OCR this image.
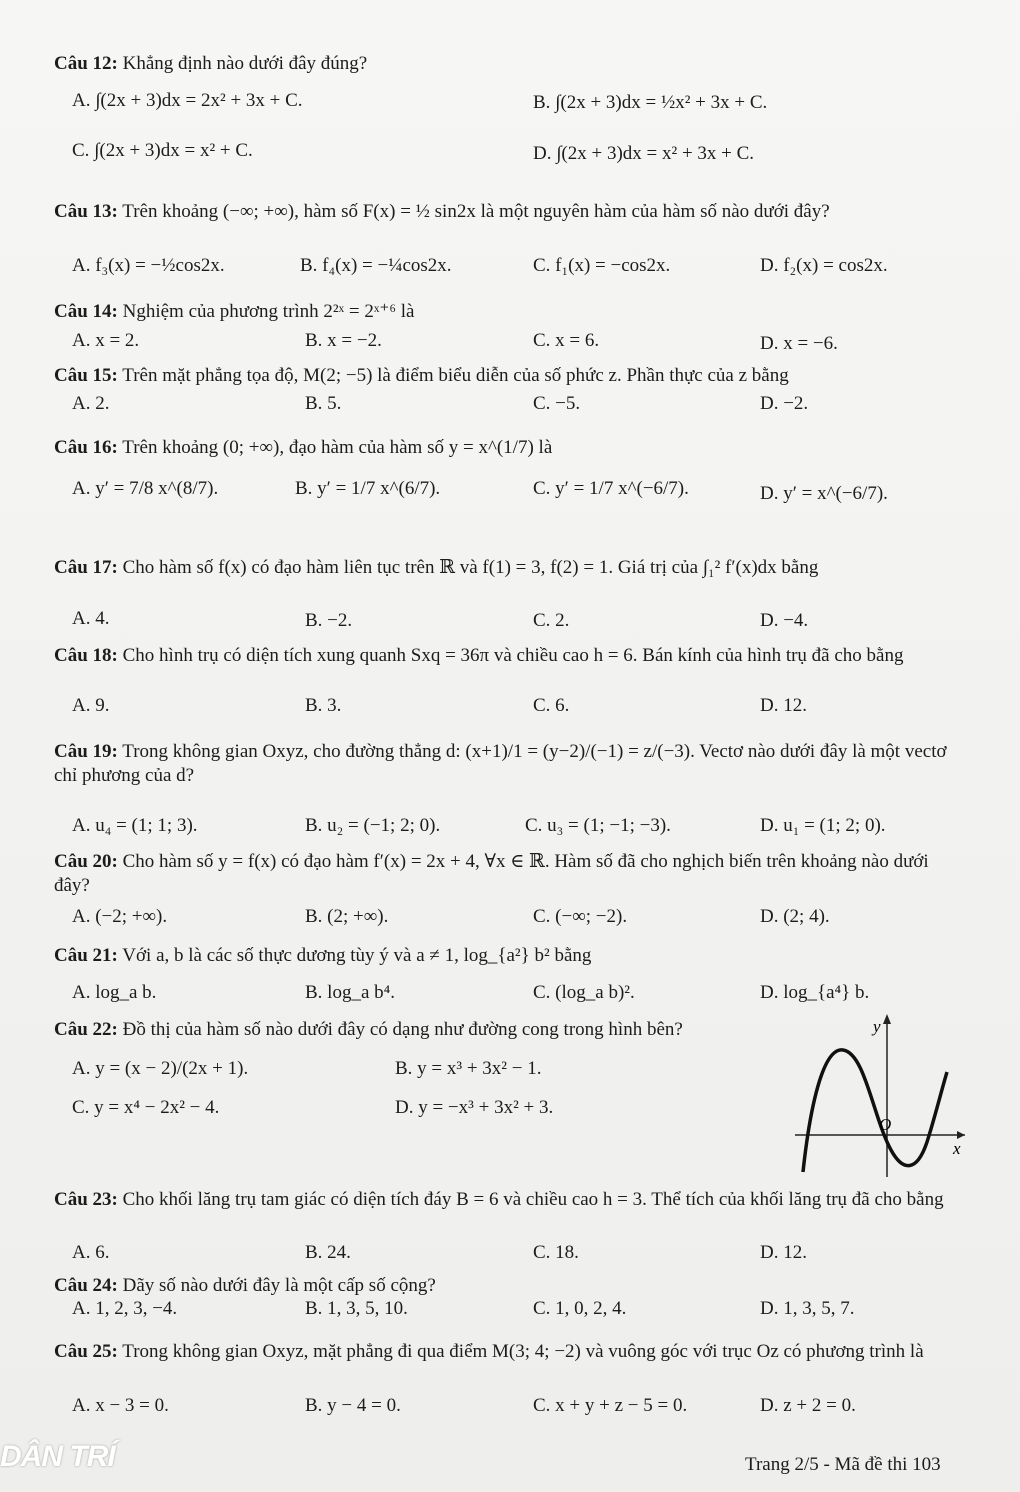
Câu 12: Khẳng định nào dưới đây đúng?
A. ∫(2x + 3)dx = 2x² + 3x + C.	B. ∫(2x + 3)dx = ½x² + 3x + C.
C. ∫(2x + 3)dx = x² + C.	D. ∫(2x + 3)dx = x² + 3x + C.
Câu 13: Trên khoảng (−∞; +∞), hàm số F(x) = ½ sin2x là một nguyên hàm của hàm số nào dưới đây?
A. f₃(x) = −½cos2x.	B. f₄(x) = −¼cos2x.	C. f₁(x) = −cos2x.	D. f₂(x) = cos2x.
Câu 14: Nghiệm của phương trình 2²ˣ = 2ˣ⁺⁶ là
A. x = 2.	B. x = −2.	C. x = 6.	D. x = −6.
Câu 15: Trên mặt phẳng tọa độ, M(2; −5) là điểm biểu diễn của số phức z. Phần thực của z bằng
A. 2.	B. 5.	C. −5.	D. −2.
Câu 16: Trên khoảng (0; +∞), đạo hàm của hàm số y = x^(1/7) là
A. y′ = 7/8 x^(8/7).	B. y′ = 1/7 x^(6/7).	C. y′ = 1/7 x^(−6/7).	D. y′ = x^(−6/7).
Câu 17: Cho hàm số f(x) có đạo hàm liên tục trên ℝ và f(1) = 3, f(2) = 1. Giá trị của ∫₁² f′(x)dx bằng
A. 4.	B. −2.	C. 2.	D. −4.
Câu 18: Cho hình trụ có diện tích xung quanh Sxq = 36π và chiều cao h = 6. Bán kính của hình trụ đã cho bằng
A. 9.	B. 3.	C. 6.	D. 12.
Câu 19: Trong không gian Oxyz, cho đường thẳng d: (x+1)/1 = (y−2)/(−1) = z/(−3). Vectơ nào dưới đây là một vectơ chỉ phương của d?
A. u₄ = (1; 1; 3).	B. u₂ = (−1; 2; 0).	C. u₃ = (1; −1; −3).	D. u₁ = (1; 2; 0).
Câu 20: Cho hàm số y = f(x) có đạo hàm f′(x) = 2x + 4, ∀x ∈ ℝ. Hàm số đã cho nghịch biến trên khoảng nào dưới đây?
A. (−2; +∞).	B. (2; +∞).	C. (−∞; −2).	D. (2; 4).
Câu 21: Với a, b là các số thực dương tùy ý và a ≠ 1, log_{a²} b² bằng
A. log_a b.	B. log_a b⁴.	C. (log_a b)².	D. log_{a⁴} b.
Câu 22: Đồ thị của hàm số nào dưới đây có dạng như đường cong trong hình bên?
A. y = (x − 2)/(2x + 1).	B. y = x³ + 3x² − 1.
C. y = x⁴ − 2x² − 4.	D. y = −x³ + 3x² + 3.
y
x
O
Câu 23: Cho khối lăng trụ tam giác có diện tích đáy B = 6 và chiều cao h = 3. Thể tích của khối lăng trụ đã cho bằng
A. 6.	B. 24.	C. 18.	D. 12.
Câu 24: Dãy số nào dưới đây là một cấp số cộng?
A. 1, 2, 3, −4.	B. 1, 3, 5, 10.	C. 1, 0, 2, 4.	D. 1, 3, 5, 7.
Câu 25: Trong không gian Oxyz, mặt phẳng đi qua điểm M(3; 4; −2) và vuông góc với trục Oz có phương trình là
A. x − 3 = 0.	B. y − 4 = 0.	C. x + y + z − 5 = 0.	D. z + 2 = 0.
DÂN TRÍ	Trang 2/5 - Mã đề thi 103
